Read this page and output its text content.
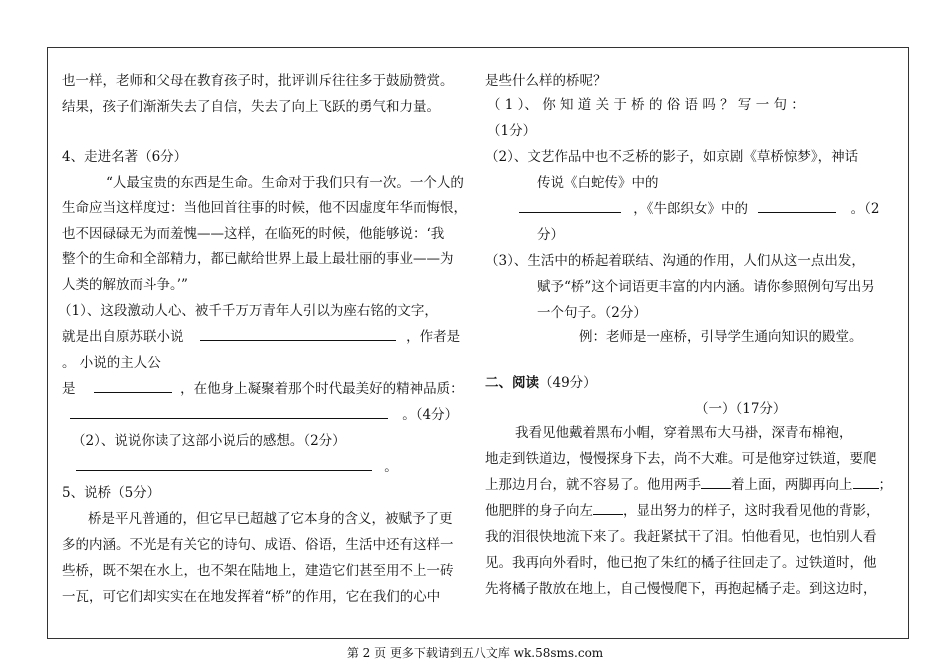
也一样，老师和父母在教育孩子时，批评训斥往往多于鼓励赞赏。
结果，孩子们渐渐失去了自信，失去了向上飞跃的勇气和力量。
4、走进名著（6分）
“人最宝贵的东西是生命。生命对于我们只有一次。一个人的
生命应当这样度过：当他回首往事的时候，他不因虚度年华而悔恨，
也不因碌碌无为而羞愧——这样，在临死的时候，他能够说：‘我
整个的生命和全部精力，都已献给世界上最上最壮丽的事业——为
人类的解放而斗争。’”
（1）、这段激动人心、被千千万万青年人引以为座右铭的文字，
就是出自原苏联小说	，作者是
。 小说的主人公
是	，在他身上凝聚着那个时代最美好的精神品质：
。（4分）
（2）、说说你读了这部小说后的感想。（2分）
。
5、说桥（5分）
桥是平凡普通的，但它早已超越了它本身的含义，被赋予了更
多的内涵。不光是有关它的诗句、成语、俗语，生活中还有这样一
些桥，既不架在水上，也不架在陆地上，建造它们甚至用不上一砖
一瓦，可它们却实实在在地发挥着“桥”的作用，它在我们的心中
是些什么样的桥呢？
（ 1 ）、 你 知 道 关 于 桥 的 俗 语 吗 ？ 写 一 句 ：
（1分）
（2）、文艺作品中也不乏桥的影子，如京剧《草桥惊梦》，神话
传说《白蛇传》中的
，《牛郎织女》中的	。（2
分）
（3）、生活中的桥起着联结、沟通的作用，人们从这一点出发，
赋予“桥”这个词语更丰富的内内涵。请你参照例句写出另
一个句子。（2分）
例：老师是一座桥，引导学生通向知识的殿堂。
二、阅读（49分）
（一）（17分）
我看见他戴着黑布小帽，穿着黑布大马褂，深青布棉袍，
地走到铁道边，慢慢探身下去，尚不大难。可是他穿过铁道，要爬
上那边月台，就不容易了。他用两手 着上面，两脚再向上 ；
他肥胖的身子向左 ，显出努力的样子，这时我看见他的背影，
我的泪很快地流下来了。我赶紧拭干了泪。怕他看见，也怕别人看
见。我再向外看时，他已抱了朱红的橘子往回走了。过铁道时，他
先将橘子散放在地上，自己慢慢爬下，再抱起橘子走。到这边时，
第 2 页 更多下载请到五八文库 wk.58sms.com
